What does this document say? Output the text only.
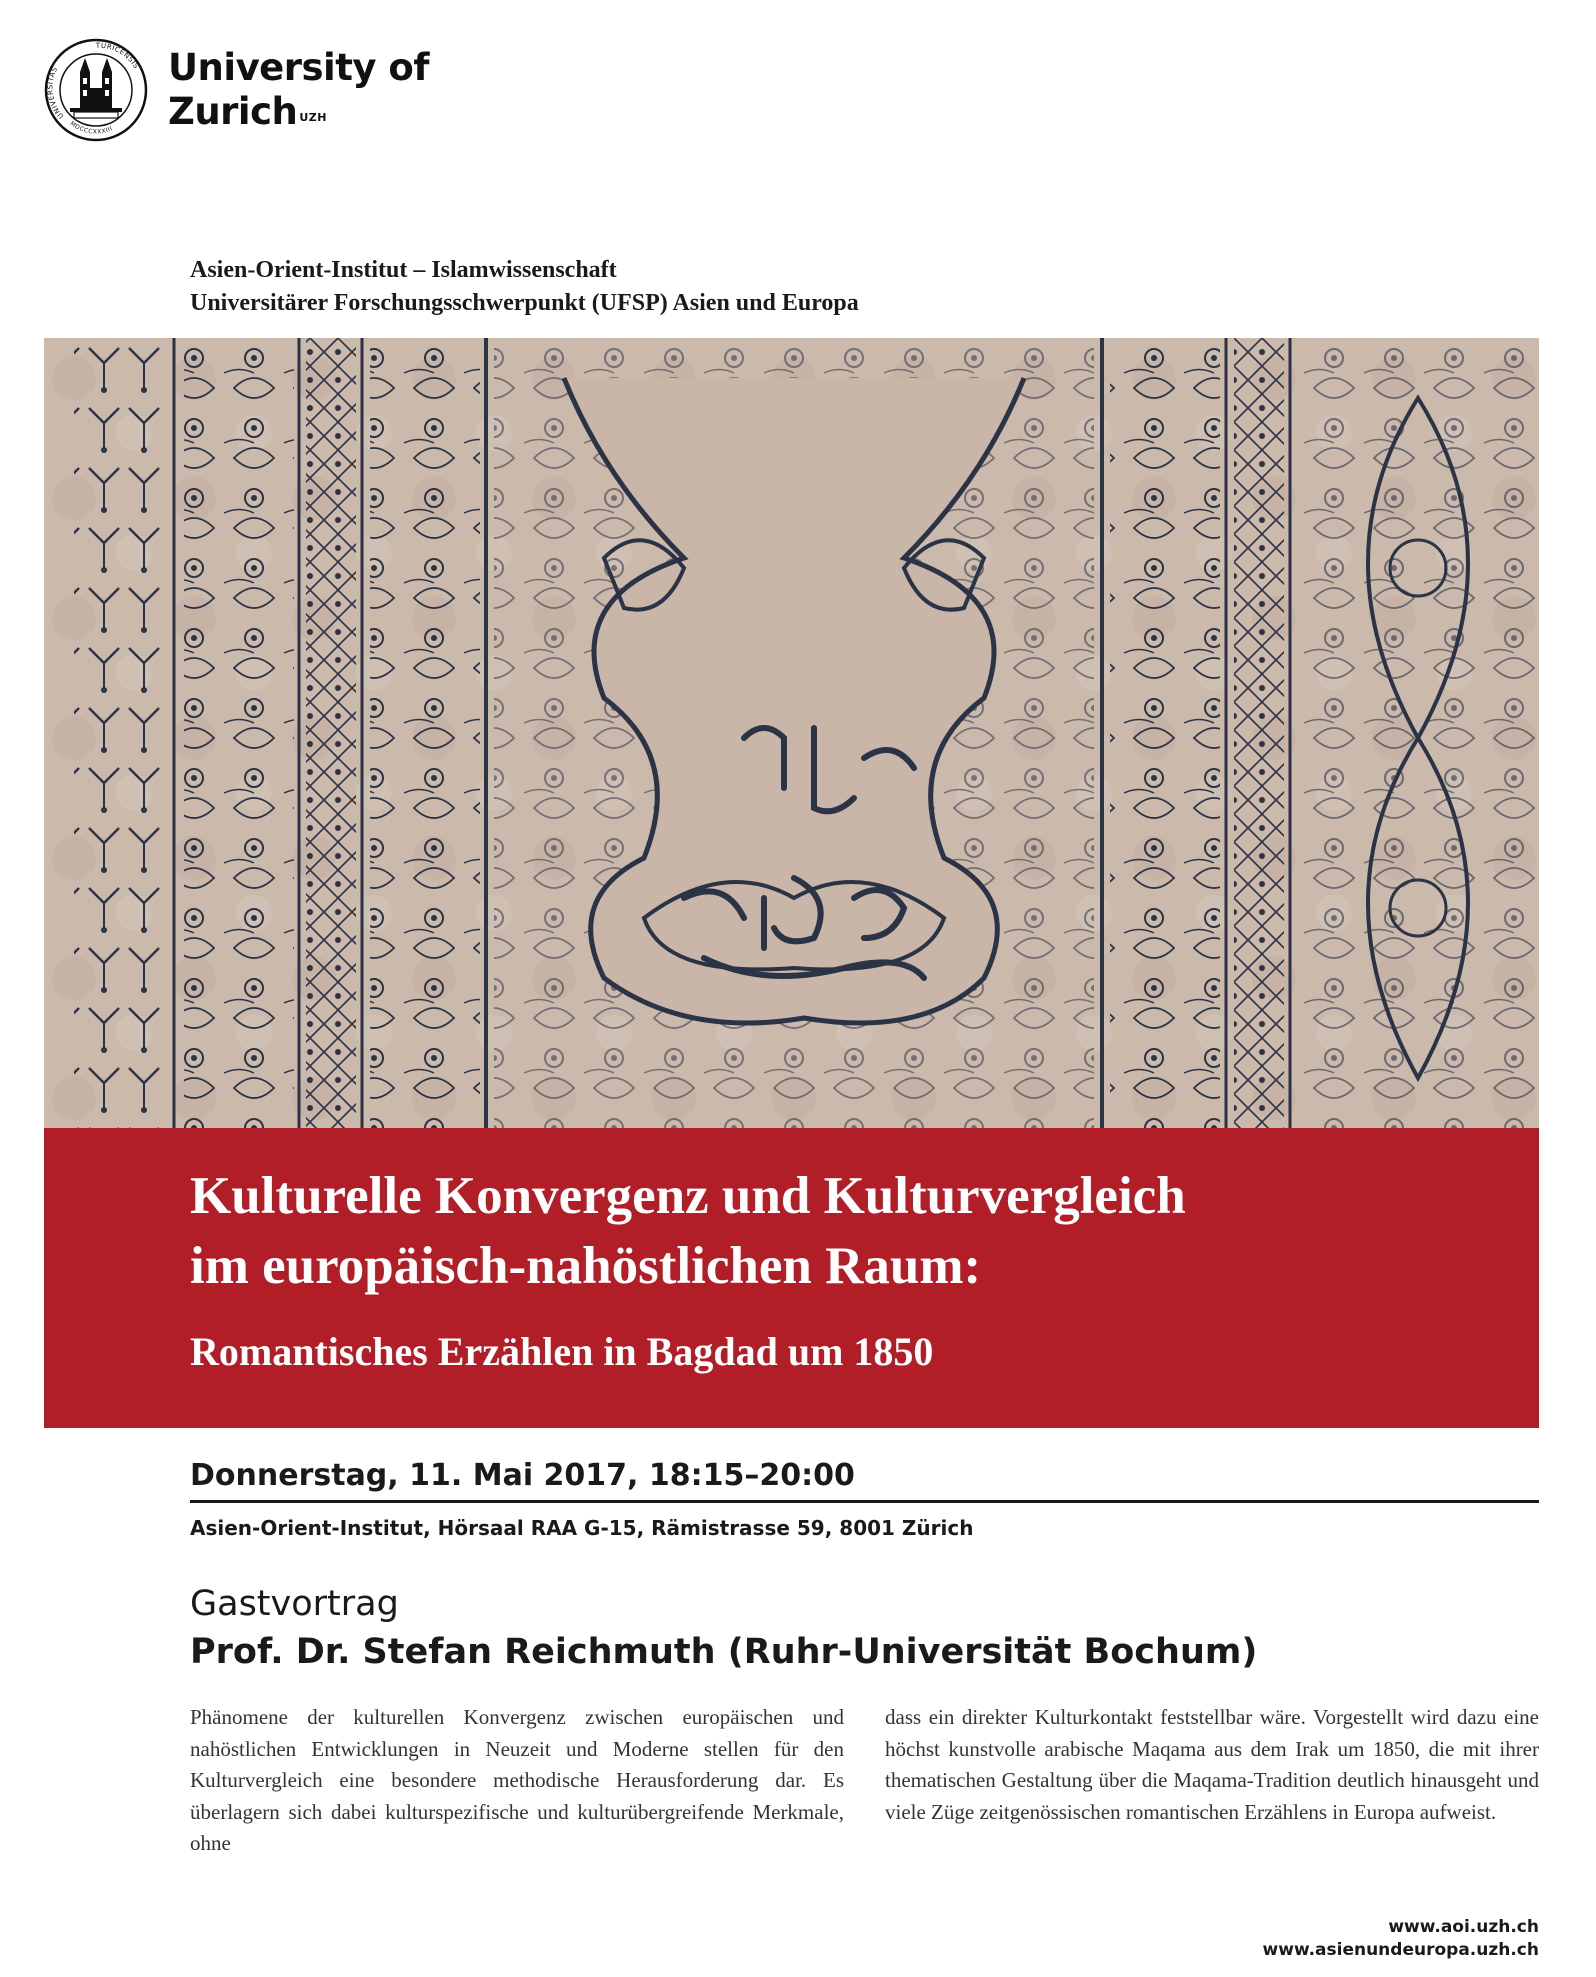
UNIVERSITAS
TURICENSIS
MDCCCXXXIII
University of
Zurich $^{UZH}$
Asien-Orient-Institut – Islamwissenschaft
Universitärer Forschungsschwerpunkt (UFSP) Asien und Europa
Kulturelle Konvergenz und Kulturvergleich
im europäisch-nahöstlichen Raum:
Romantisches Erzählen in Bagdad um 1850
Donnerstag, 11. Mai 2017, 18:15–20:00
Asien-Orient-Institut, Hörsaal RAA G-15, Rämistrasse 59, 8001 Zürich
Gastvortrag
Prof. Dr. Stefan Reichmuth (Ruhr-Universität Bochum)
Phänomene der kulturellen Konvergenz zwischen europäischen und nahöstlichen Entwicklungen in Neuzeit und Moderne stellen für den Kulturvergleich eine besondere methodische Herausforderung dar. Es überlagern sich dabei kulturspezifische und kulturübergreifende Merkmale, ohne
dass ein direkter Kulturkontakt feststellbar wäre. Vorgestellt wird dazu eine höchst kunstvolle arabische Maqama aus dem Irak um 1850, die mit ihrer thematischen Gestaltung über die Maqama-Tradition deutlich hinausgeht und viele Züge zeitgenössischen romantischen Erzählens in Europa aufweist.
www.aoi.uzh.ch
www.asienundeuropa.uzh.ch
